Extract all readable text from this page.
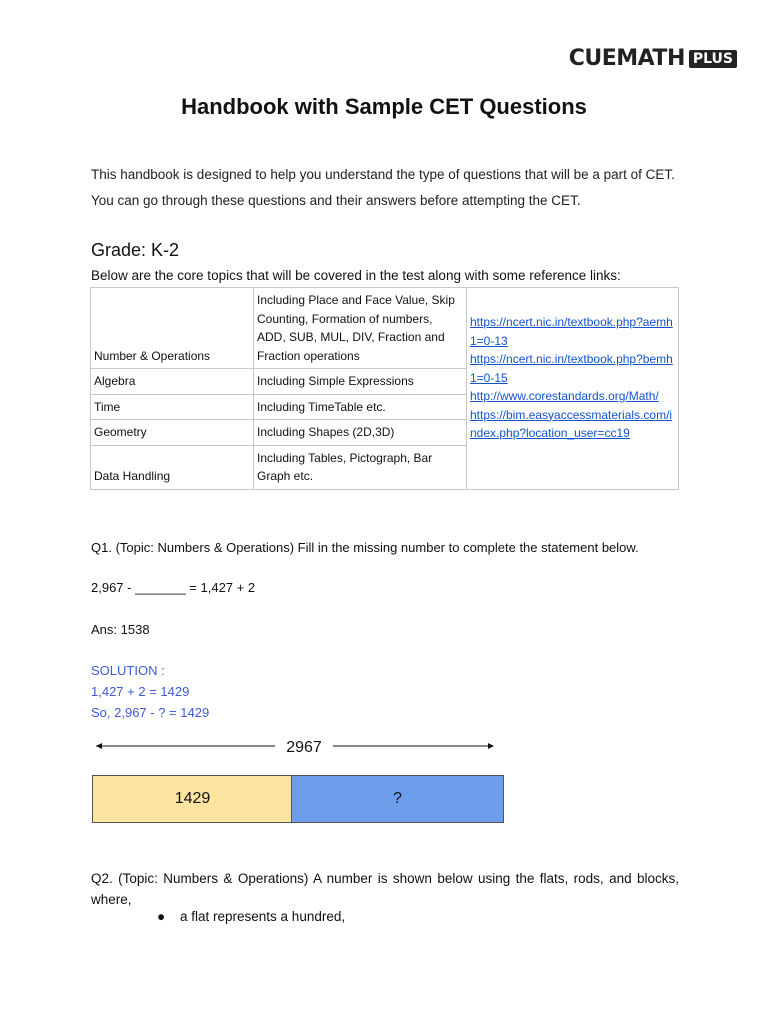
CUEMATH PLUS
Handbook with Sample CET Questions
This handbook is designed to help you understand the type of questions that will be a part of CET. You can go through these questions and their answers before attempting the CET.
Grade: K-2
Below are the core topics that will be covered in the test along with some reference links:
Number & Operations	Including Place and Face Value, Skip Counting, Formation of numbers, ADD, SUB, MUL, DIV, Fraction and Fraction operations	https://ncert.nic.in/textbook.php?aemh1=0-13
https://ncert.nic.in/textbook.php?bemh1=0-15
http://www.corestandards.org/Math/
https://bim.easyaccessmaterials.com/index.php?location_user=cc19

Algebra	Including Simple Expressions	
Time	Including TimeTable etc.	
Geometry	Including Shapes (2D,3D)	
Data Handling	Including Tables, Pictograph, Bar Graph etc.	
Q1. (Topic: Numbers & Operations) Fill in the missing number to complete the statement below.
2,967 - _______ = 1,427 + 2
Ans: 1538
SOLUTION :
1,427 + 2 = 1429
So, 2,967 - ? = 1429
2967
1429	?
Q2. (Topic: Numbers & Operations) A number is shown below using the flats, rods, and blocks, where,
● a flat represents a hundred,
